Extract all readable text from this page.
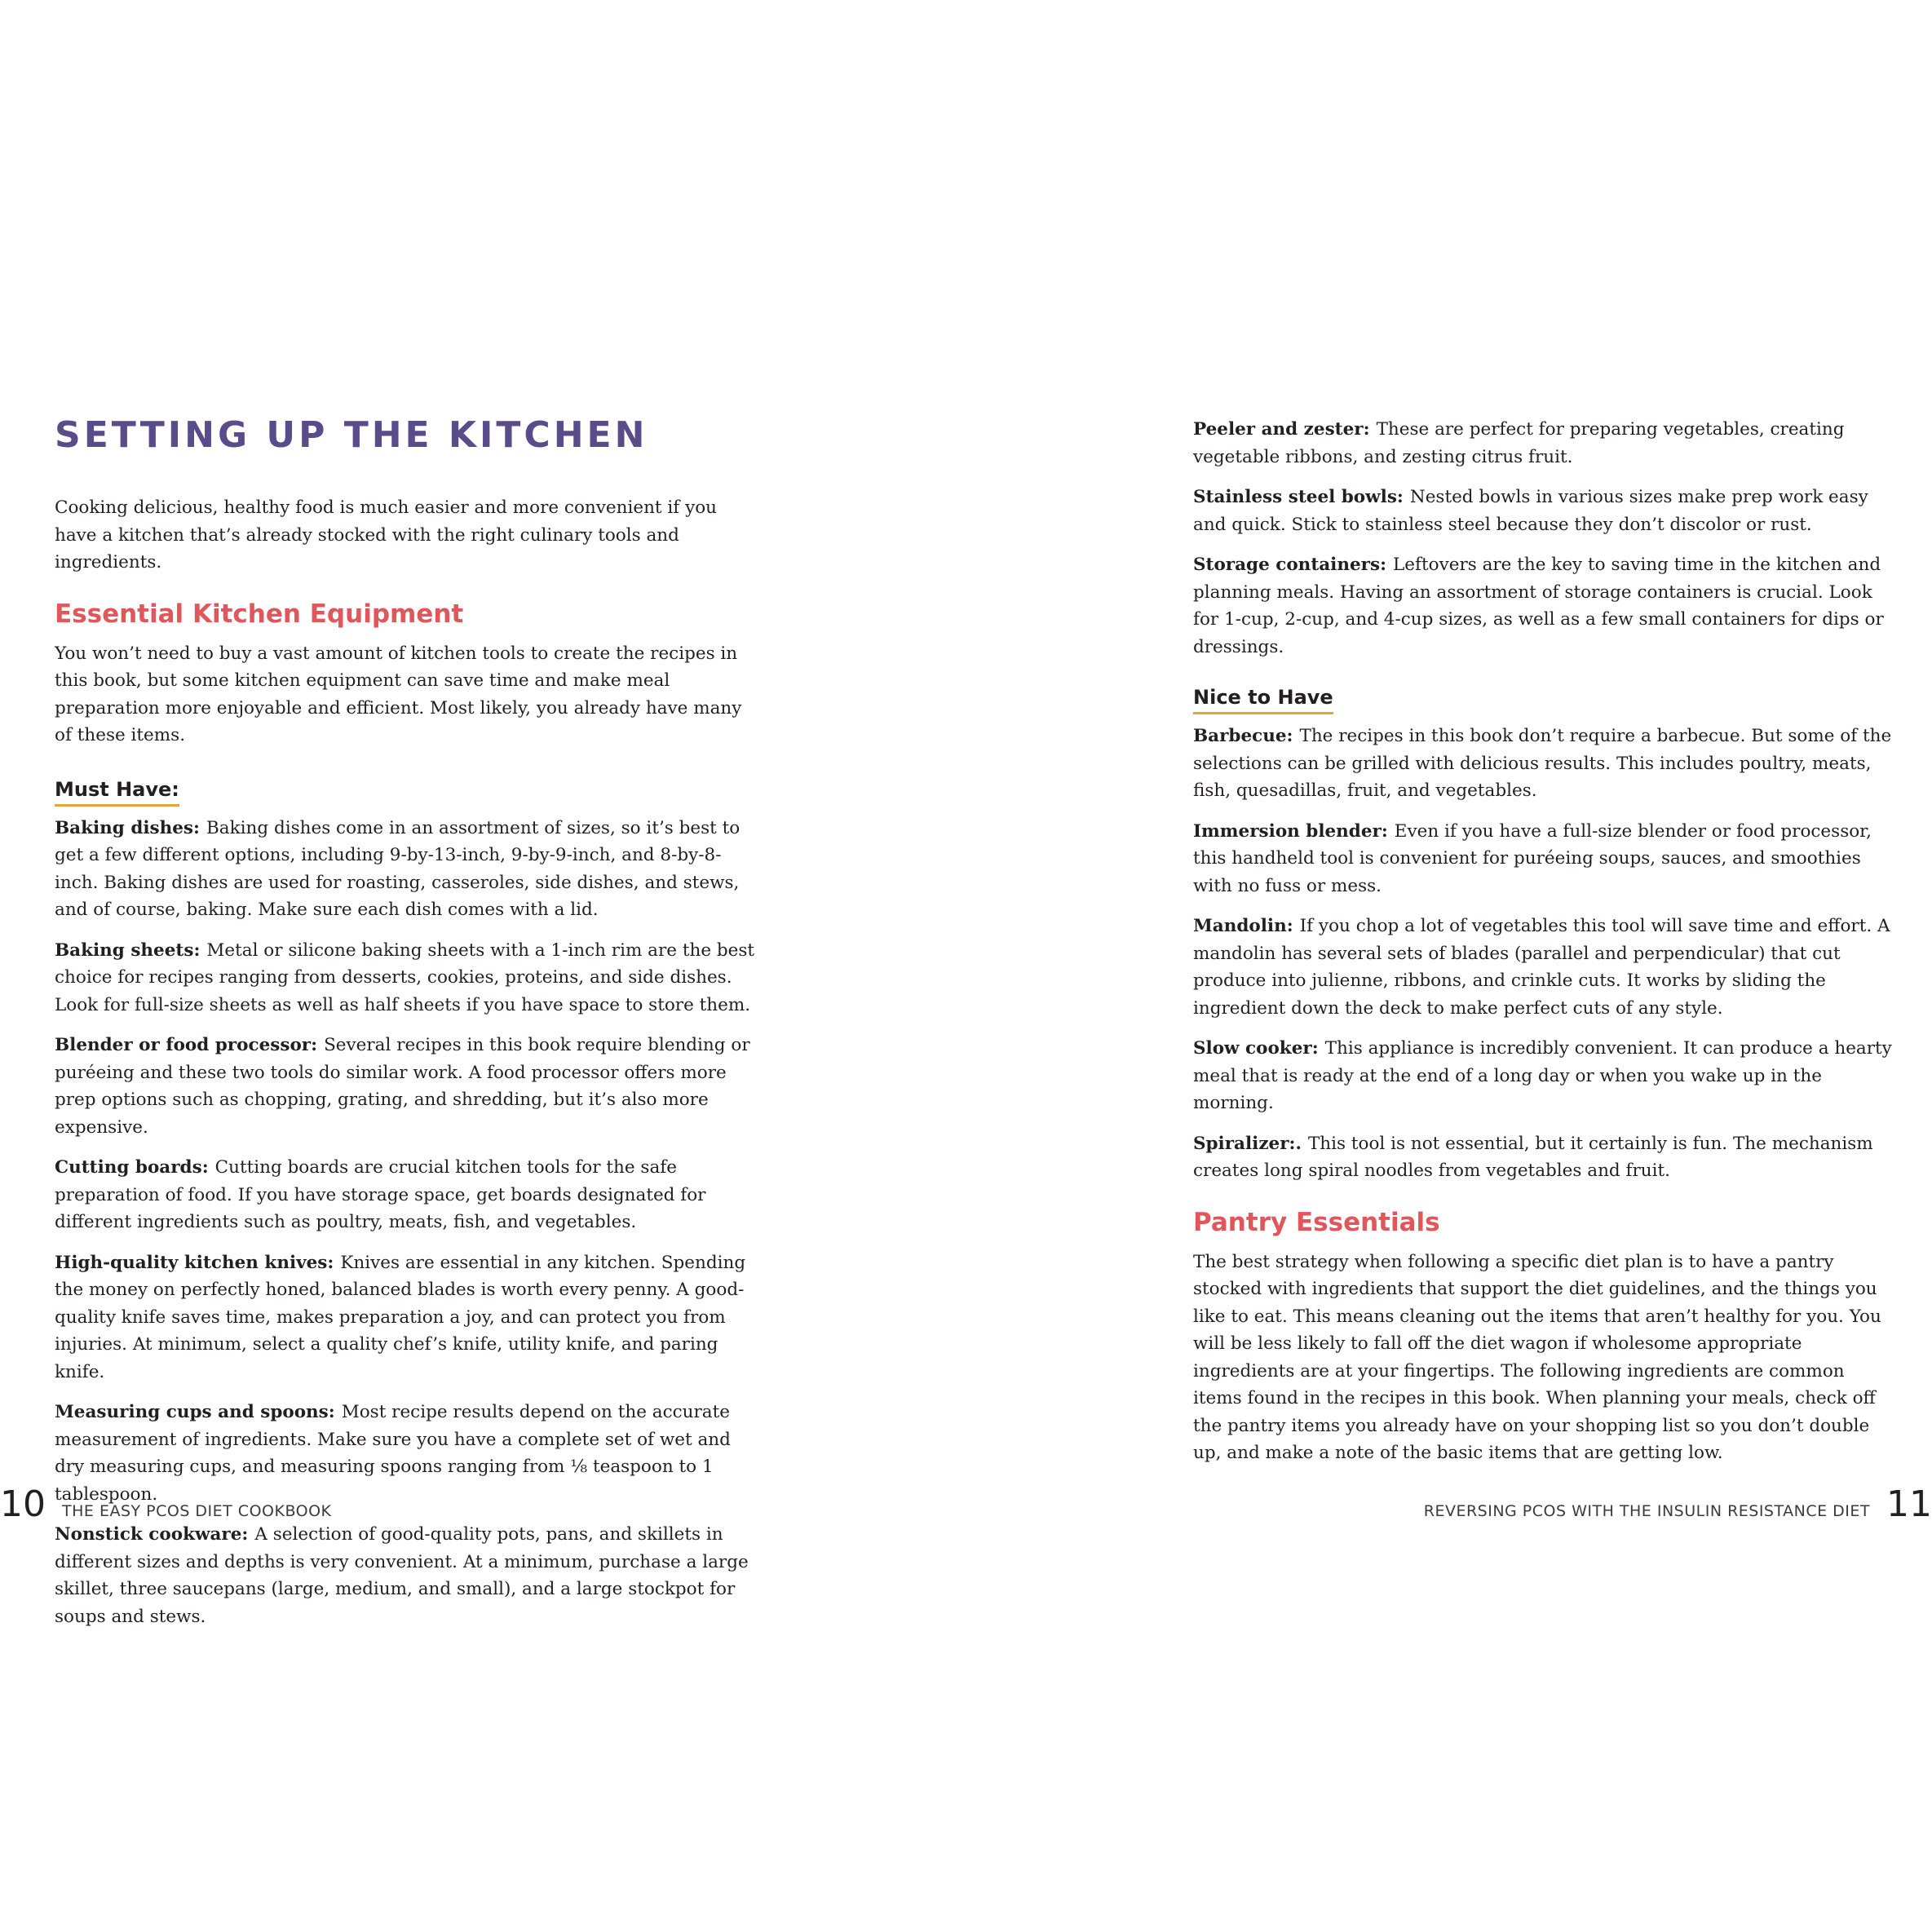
SETTING UP THE KITCHEN

Cooking delicious, healthy food is much easier and more convenient if you have a kitchen that’s already stocked with the right culinary tools and ingredients.

Essential Kitchen Equipment

You won’t need to buy a vast amount of kitchen tools to create the recipes in this book, but some kitchen equipment can save time and make meal preparation more enjoyable and efficient. Most likely, you already have many of these items.

Must Have:

Baking dishes: Baking dishes come in an assortment of sizes, so it’s best to get a few different options, including 9-by-13-inch, 9-by-9-inch, and 8-by-8-inch. Baking dishes are used for roasting, casseroles, side dishes, and stews, and of course, baking. Make sure each dish comes with a lid.

Baking sheets: Metal or silicone baking sheets with a 1-inch rim are the best choice for recipes ranging from desserts, cookies, proteins, and side dishes. Look for full-size sheets as well as half sheets if you have space to store them.

Blender or food processor: Several recipes in this book require blending or puréeing and these two tools do similar work. A food processor offers more prep options such as chopping, grating, and shredding, but it’s also more expensive.

Cutting boards: Cutting boards are crucial kitchen tools for the safe preparation of food. If you have storage space, get boards designated for different ingredients such as poultry, meats, fish, and vegetables.

High-quality kitchen knives: Knives are essential in any kitchen. Spending the money on perfectly honed, balanced blades is worth every penny. A good-quality knife saves time, makes preparation a joy, and can protect you from injuries. At minimum, select a quality chef’s knife, utility knife, and paring knife.

Measuring cups and spoons: Most recipe results depend on the accurate measurement of ingredients. Make sure you have a complete set of wet and dry measuring cups, and measuring spoons ranging from ⅛ teaspoon to 1 tablespoon.

Nonstick cookware: A selection of good-quality pots, pans, and skillets in different sizes and depths is very convenient. At a minimum, purchase a large skillet, three saucepans (large, medium, and small), and a large stockpot for soups and stews.

10 THE EASY PCOS DIET COOKBOOK

Peeler and zester: These are perfect for preparing vegetables, creating vegetable ribbons, and zesting citrus fruit.

Stainless steel bowls: Nested bowls in various sizes make prep work easy and quick. Stick to stainless steel because they don’t discolor or rust.

Storage containers: Leftovers are the key to saving time in the kitchen and planning meals. Having an assortment of storage containers is crucial. Look for 1-cup, 2-cup, and 4-cup sizes, as well as a few small containers for dips or dressings.

Nice to Have

Barbecue: The recipes in this book don’t require a barbecue. But some of the selections can be grilled with delicious results. This includes poultry, meats, fish, quesadillas, fruit, and vegetables.

Immersion blender: Even if you have a full-size blender or food processor, this handheld tool is convenient for puréeing soups, sauces, and smoothies with no fuss or mess.

Mandolin: If you chop a lot of vegetables this tool will save time and effort. A mandolin has several sets of blades (parallel and perpendicular) that cut produce into julienne, ribbons, and crinkle cuts. It works by sliding the ingredient down the deck to make perfect cuts of any style.

Slow cooker: This appliance is incredibly convenient. It can produce a hearty meal that is ready at the end of a long day or when you wake up in the morning.

Spiralizer:. This tool is not essential, but it certainly is fun. The mechanism creates long spiral noodles from vegetables and fruit.

Pantry Essentials

The best strategy when following a specific diet plan is to have a pantry stocked with ingredients that support the diet guidelines, and the things you like to eat. This means cleaning out the items that aren’t healthy for you. You will be less likely to fall off the diet wagon if wholesome appropriate ingredients are at your fingertips. The following ingredients are common items found in the recipes in this book. When planning your meals, check off the pantry items you already have on your shopping list so you don’t double up, and make a note of the basic items that are getting low.

REVERSING PCOS WITH THE INSULIN RESISTANCE DIET 11
